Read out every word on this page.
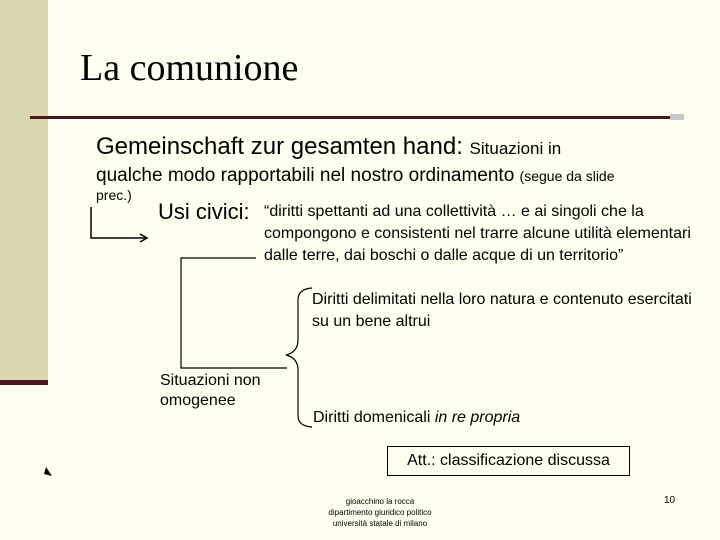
La comunione
Gemeinschaft zur gesamten hand: Situazioni in
qualche modo rapportabili nel nostro ordinamento (segue da slide
prec.)
Usi civici: “diritti spettanti ad una collettività … e ai singoli che la compongono e consistenti nel trarre alcune utilità elementari dalle terre, dai boschi o dalle acque di un territorio”
Diritti delimitati nella loro natura e contenuto esercitati su un bene altrui
Situazioni non omogenee
Diritti domenicali in re propria
Att.: classificazione discussa
gioacchino la rocca
dipartimento giuridico politico
università statale di milano
10
